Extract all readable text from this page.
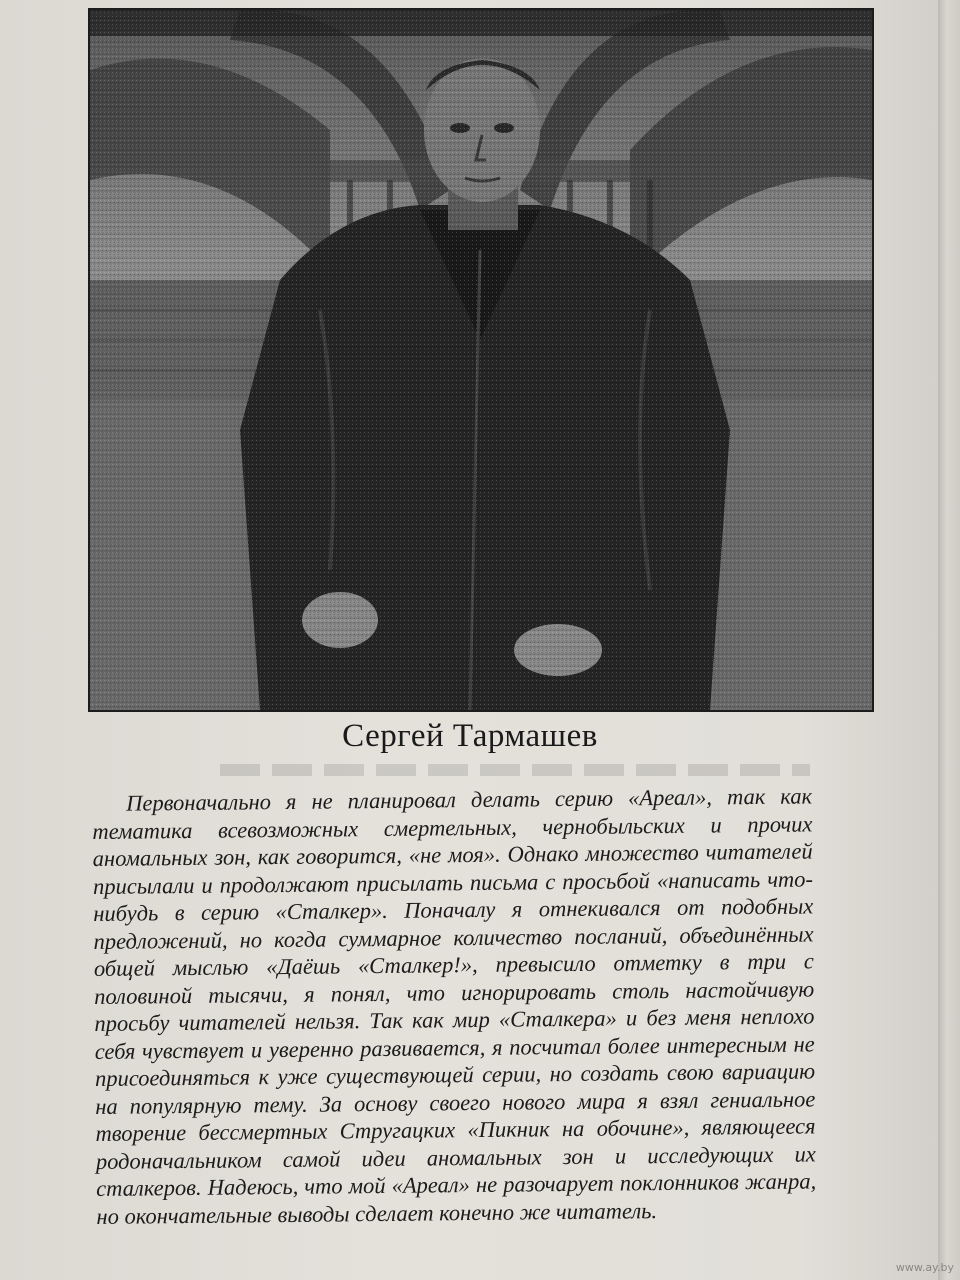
Сергей Тармашев

Первоначально я не планировал делать серию «Ареал», так как тематика всевозможных смертельных, чернобыльских и прочих аномальных зон, как говорится, «не моя». Однако множество читателей присылали и продолжают присылать письма с просьбой «написать что-нибудь в серию «Сталкер». Поначалу я отнекивался от подобных предложений, но когда суммарное количество посланий, объединённых общей мыслью «Даёшь «Сталкер!», превысило отметку в три с половиной тысячи, я понял, что игнорировать столь настойчивую просьбу читателей нельзя. Так как мир «Сталкера» и без меня неплохо себя чувствует и уверенно развивается, я посчитал более интересным не присоединяться к уже существующей серии, но создать свою вариацию на популярную тему. За основу своего нового мира я взял гениальное творение бессмертных Стругацких «Пикник на обочине», являющееся родоначальником самой идеи аномальных зон и исследующих их сталкеров. Надеюсь, что мой «Ареал» не разочарует поклонников жанра, но окончательные выводы сделает конечно же читатель.

www.ay.by
